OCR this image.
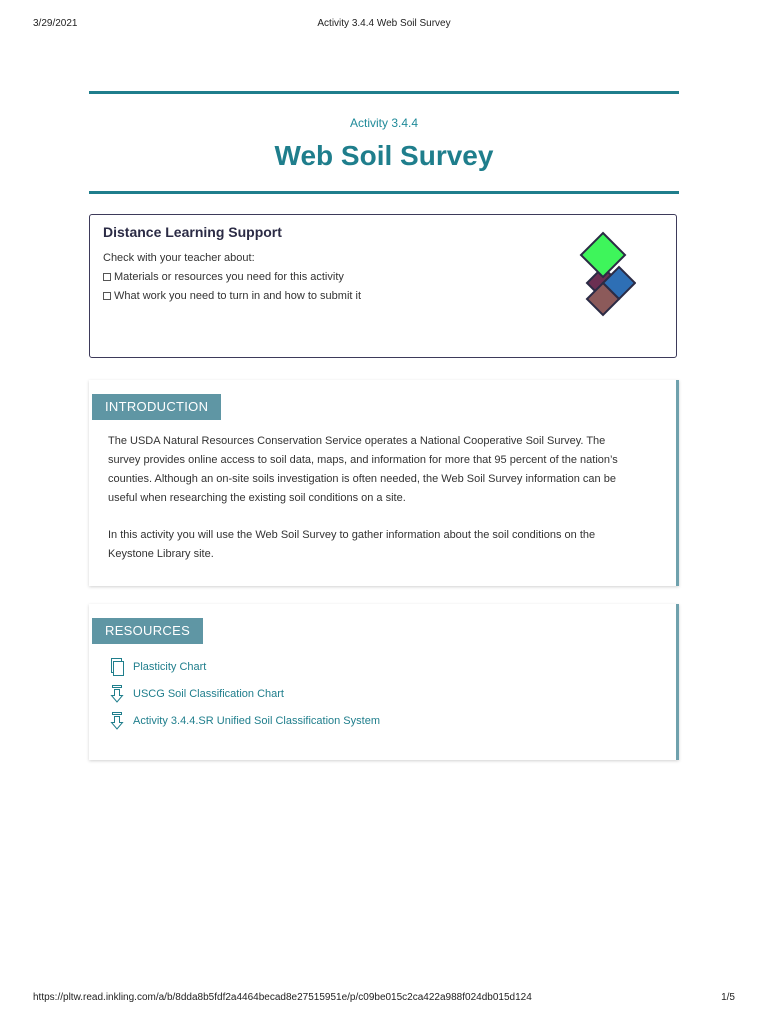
3/29/2021	Activity 3.4.4 Web Soil Survey
Activity 3.4.4
Web Soil Survey
Distance Learning Support
Check with your teacher about:
Materials or resources you need for this activity
What work you need to turn in and how to submit it
INTRODUCTION

The USDA Natural Resources Conservation Service operates a National Cooperative Soil Survey. The survey provides online access to soil data, maps, and information for more that 95 percent of the nation’s counties. Although an on-site soils investigation is often needed, the Web Soil Survey information can be useful when researching the existing soil conditions on a site.

In this activity you will use the Web Soil Survey to gather information about the soil conditions on the Keystone Library site.

RESOURCES
Plasticity Chart
USCG Soil Classification Chart
Activity 3.4.4.SR Unified Soil Classification System
https://pltw.read.inkling.com/a/b/8dda8b5fdf2a4464becad8e27515951e/p/c09be015c2ca422a988f024db015d124	1/5
